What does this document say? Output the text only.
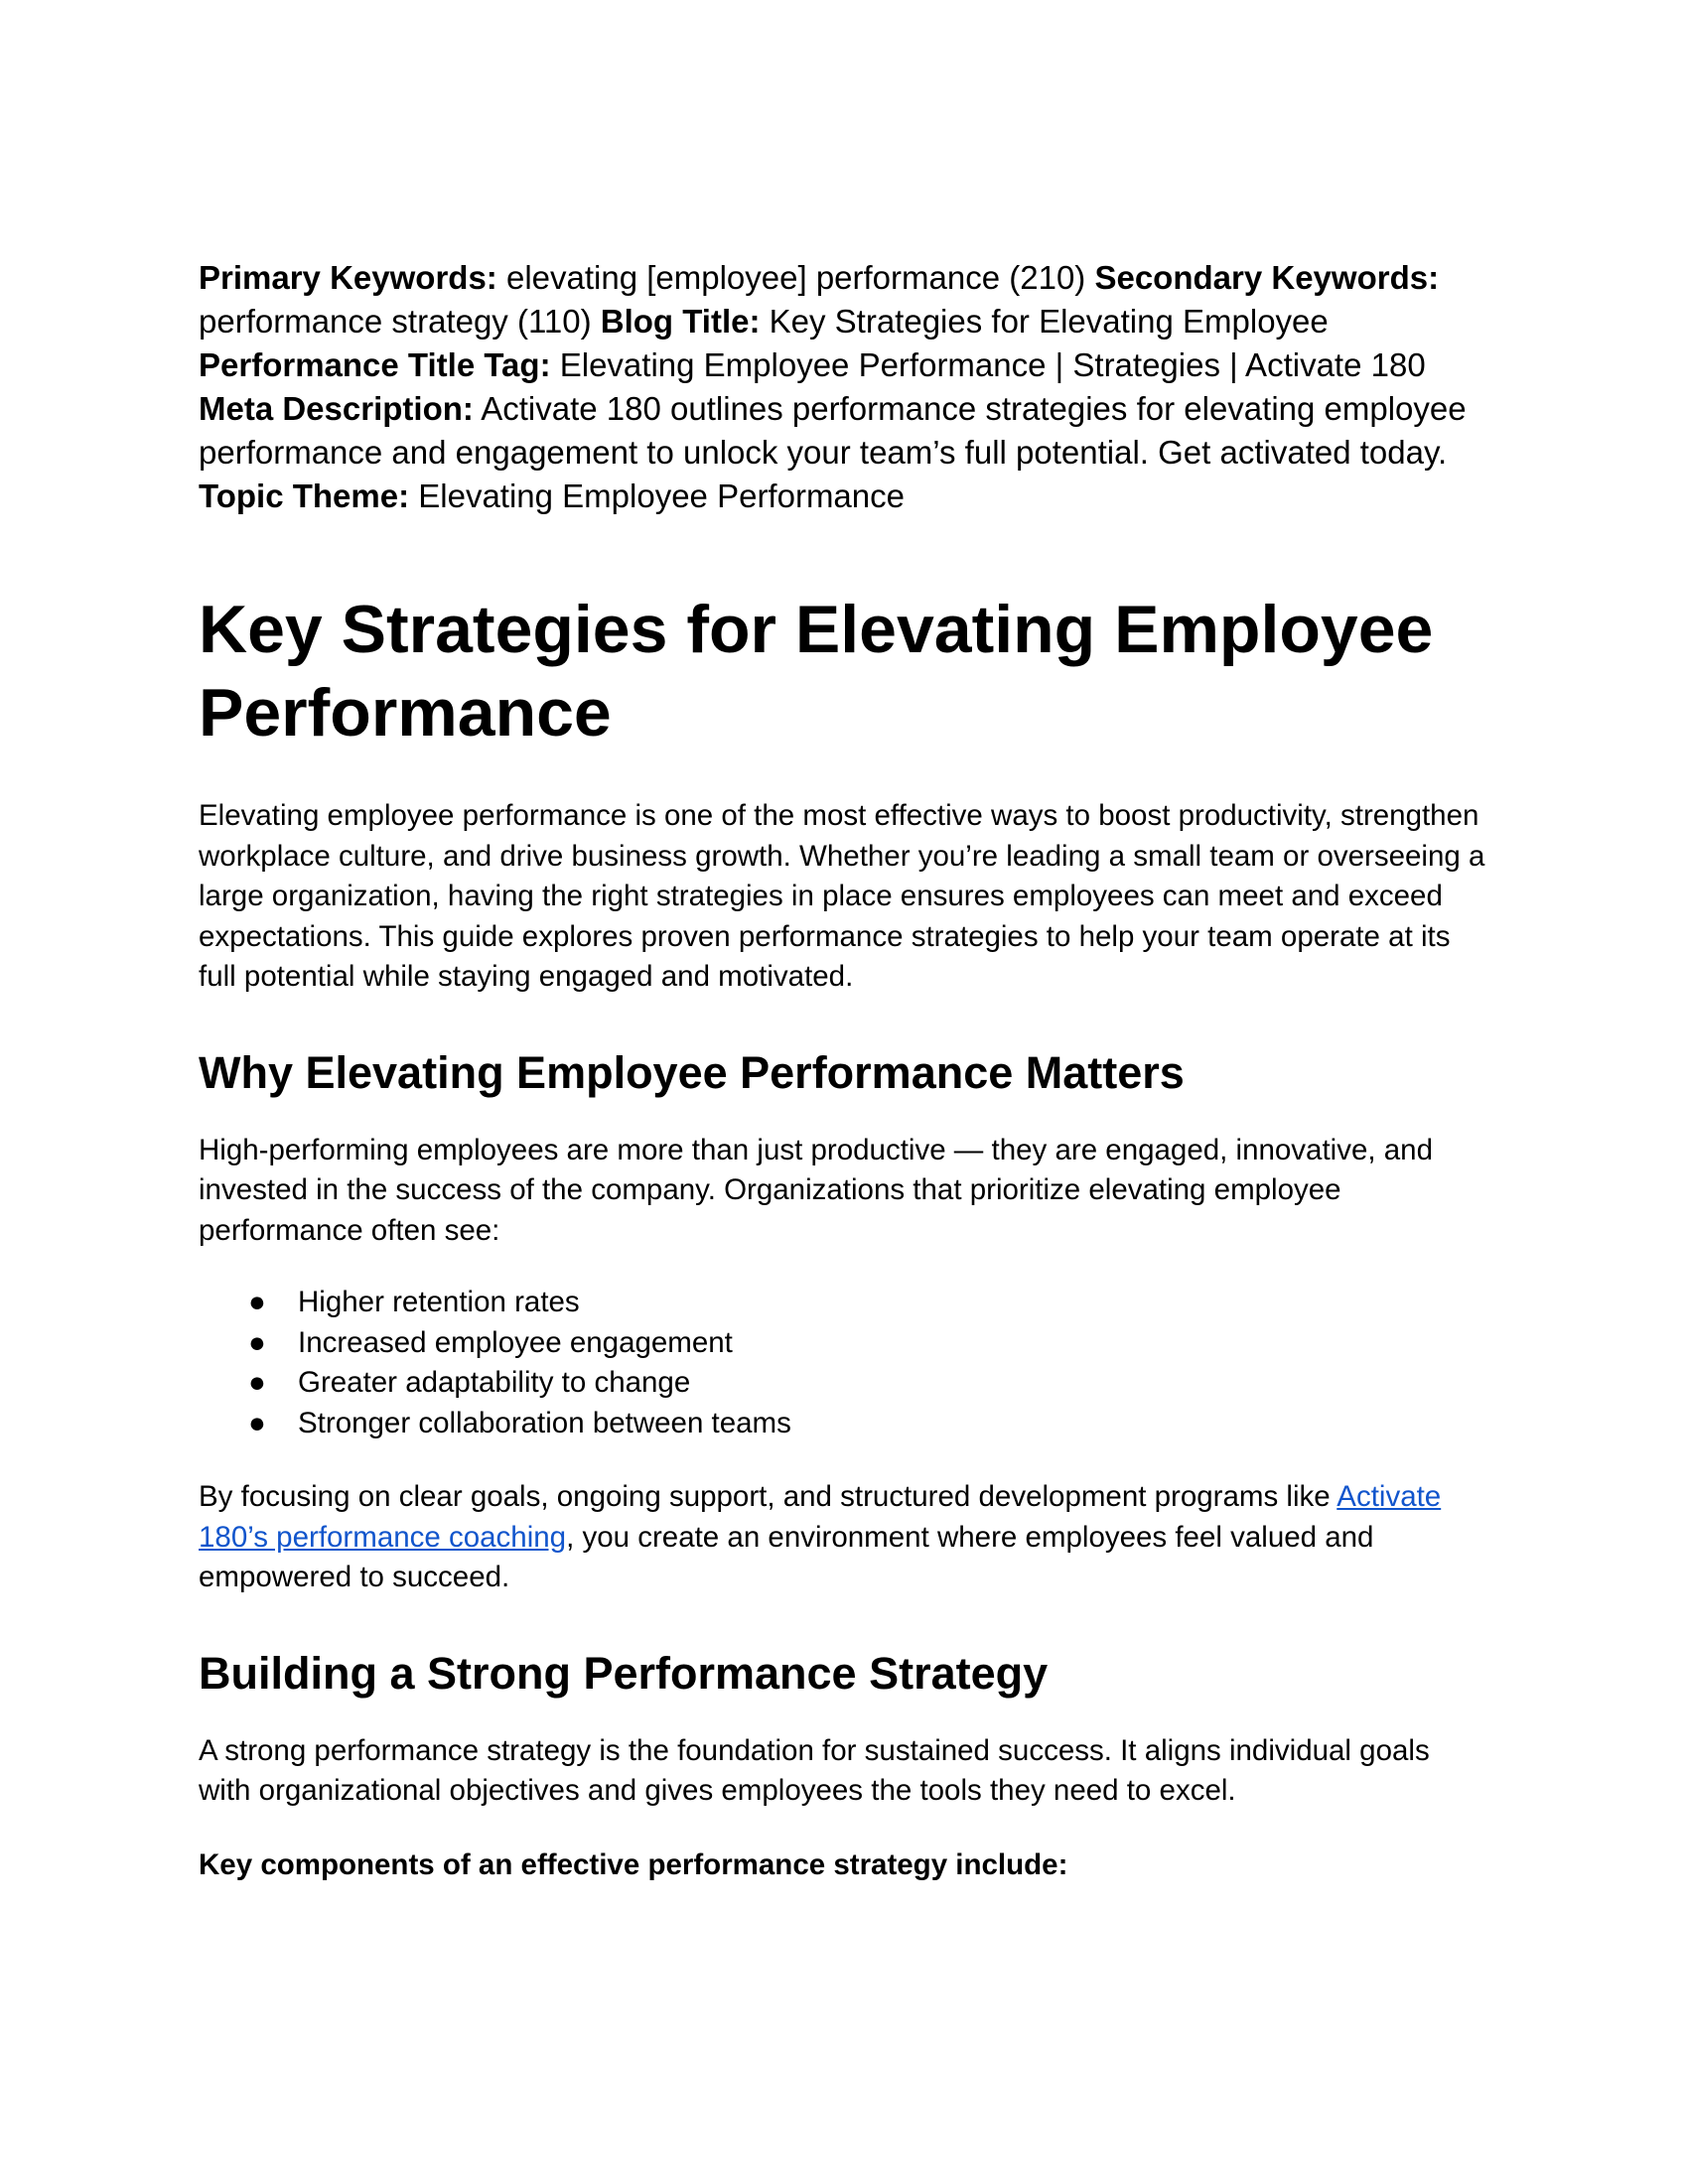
Primary Keywords: elevating [employee] performance (210) Secondary Keywords: performance strategy (110) Blog Title: Key Strategies for Elevating Employee Performance Title Tag: Elevating Employee Performance | Strategies | Activate 180 Meta Description: Activate 180 outlines performance strategies for elevating employee performance and engagement to unlock your team’s full potential. Get activated today. Topic Theme: Elevating Employee Performance

Key Strategies for Elevating Employee Performance

Elevating employee performance is one of the most effective ways to boost productivity, strengthen workplace culture, and drive business growth. Whether you’re leading a small team or overseeing a large organization, having the right strategies in place ensures employees can meet and exceed expectations. This guide explores proven performance strategies to help your team operate at its full potential while staying engaged and motivated.

Why Elevating Employee Performance Matters

High-performing employees are more than just productive — they are engaged, innovative, and invested in the success of the company. Organizations that prioritize elevating employee performance often see:

● Higher retention rates
● Increased employee engagement
● Greater adaptability to change
● Stronger collaboration between teams

By focusing on clear goals, ongoing support, and structured development programs like Activate 180’s performance coaching, you create an environment where employees feel valued and empowered to succeed.

Building a Strong Performance Strategy

A strong performance strategy is the foundation for sustained success. It aligns individual goals with organizational objectives and gives employees the tools they need to excel.

Key components of an effective performance strategy include:
